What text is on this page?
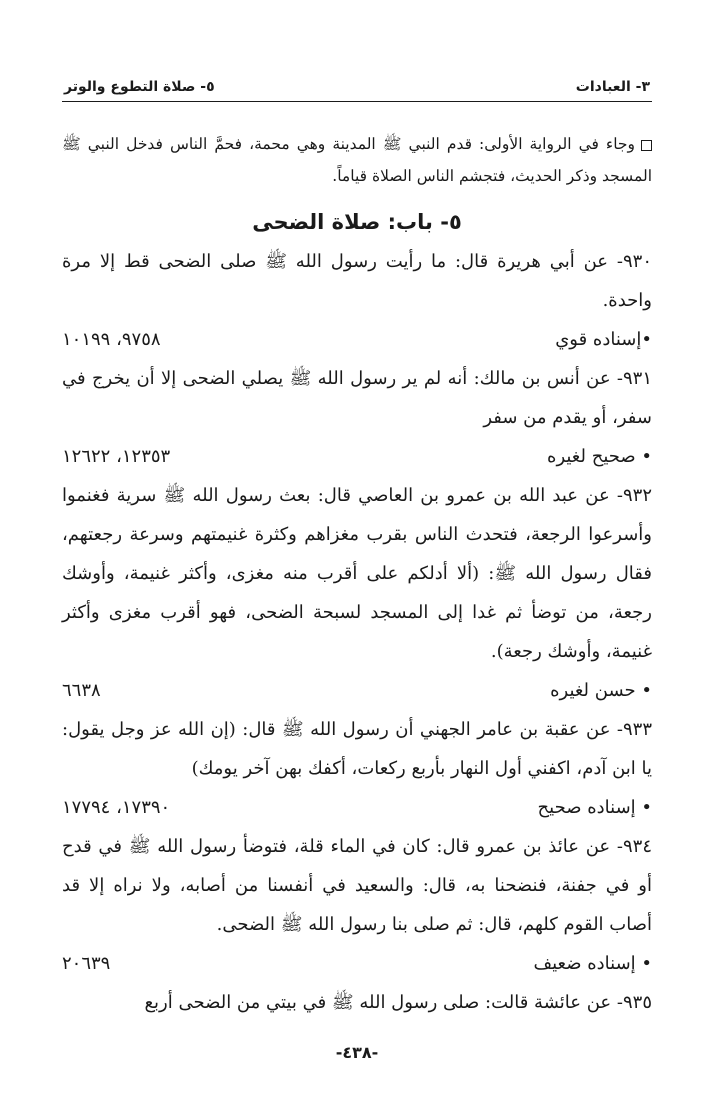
٣- العبادات
٥- صلاة التطوع والوتر
وجاء في الرواية الأولى: قدم النبي ﷺ المدينة وهي محمة، فحمَّ الناس فدخل النبي ﷺ المسجد وذكر الحديث، فتجشم الناس الصلاة قياماً.
٥- باب: صلاة الضحى
٩٣٠- عن أبي هريرة قال: ما رأيت رسول الله ﷺ صلى الضحى قط إلا مرة واحدة.
•إسناده قوي
٩٧٥٨، ١٠١٩٩
٩٣١- عن أنس بن مالك: أنه لم ير رسول الله ﷺ يصلي الضحى إلا أن يخرج في سفر، أو يقدم من سفر
• صحيح لغيره
١٢٣٥٣، ١٢٦٢٢
٩٣٢- عن عبد الله بن عمرو بن العاصي قال: بعث رسول الله ﷺ سرية فغنموا وأسرعوا الرجعة، فتحدث الناس بقرب مغزاهم وكثرة غنيمتهم وسرعة رجعتهم، فقال رسول الله ﷺ: (ألا أدلكم على أقرب منه مغزى، وأكثر غنيمة، وأوشك رجعة، من توضأ ثم غدا إلى المسجد لسبحة الضحى، فهو أقرب مغزى وأكثر غنيمة، وأوشك رجعة).
• حسن لغيره
٦٦٣٨
٩٣٣- عن عقبة بن عامر الجهني أن رسول الله ﷺ قال: (إن الله عز وجل يقول: يا ابن آدم، اكفني أول النهار بأربع ركعات، أكفك بهن آخر يومك)
• إسناده صحيح
١٧٣٩٠، ١٧٧٩٤
٩٣٤- عن عائذ بن عمرو قال: كان في الماء قلة، فتوضأ رسول الله ﷺ في قدح أو في جفنة، فنضحنا به، قال: والسعيد في أنفسنا من أصابه، ولا نراه إلا قد أصاب القوم كلهم، قال: ثم صلى بنا رسول الله ﷺ الضحى.
• إسناده ضعيف
٢٠٦٣٩
٩٣٥- عن عائشة قالت: صلى رسول الله ﷺ في بيتي من الضحى أربع
-٤٣٨-
